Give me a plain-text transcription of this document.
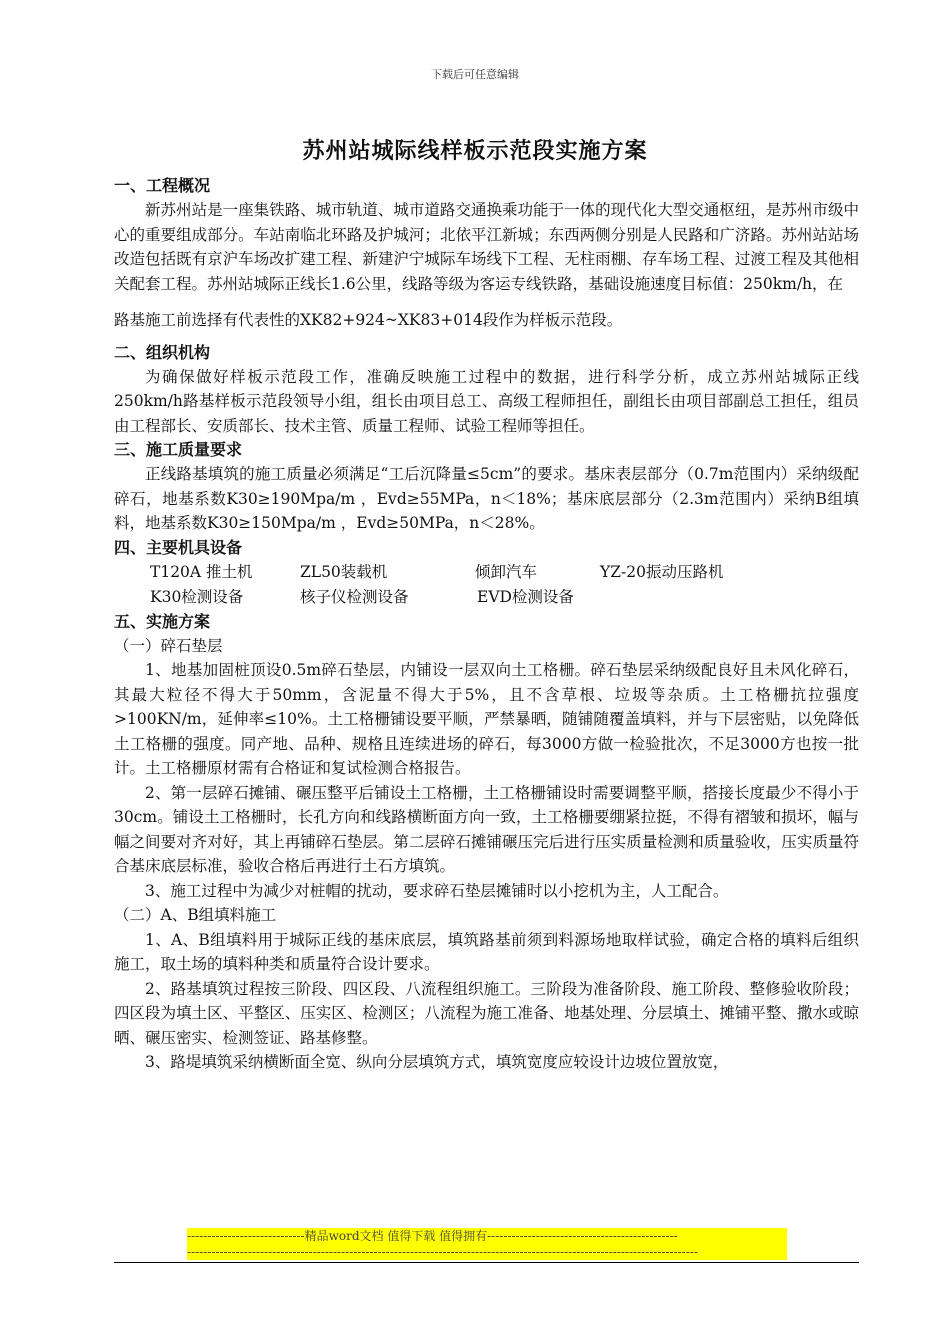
下载后可任意编辑
苏州站城际线样板示范段实施方案
一、工程概况

新苏州站是一座集铁路、城市轨道、城市道路交通换乘功能于一体的现代化大型交通枢纽，是苏州市级中心的重要组成部分。车站南临北环路及护城河；北依平江新城；东西两侧分别是人民路和广济路。苏州站站场改造包括既有京沪车场改扩建工程、新建沪宁城际车场线下工程、无柱雨棚、存车场工程、过渡工程及其他相关配套工程。苏州站城际正线长1.6公里，线路等级为客运专线铁路，基础设施速度目标值：250km/h，在

路基施工前选择有代表性的XK82+924~XK83+014段作为样板示范段。

二、组织机构

为确保做好样板示范段工作，准确反映施工过程中的数据，进行科学分析，成立苏州站城际正线250km/h路基样板示范段领导小组，组长由项目总工、高级工程师担任，副组长由项目部副总工担任，组员由工程部长、安质部长、技术主管、质量工程师、试验工程师等担任。

三、施工质量要求

正线路基填筑的施工质量必须满足“工后沉降量≤5cm”的要求。基床表层部分（0.7m范围内）采纳级配碎石，地基系数K30≥190Mpa/m ，Evd≥55MPa，n＜18%；基床底层部分（2.3m范围内）采纳B组填料，地基系数K30≥150Mpa/m ，Evd≥50MPa，n＜28%。

四、主要机具设备
T120A 推土机	ZL50装载机	倾卸汽车	YZ-20振动压路机
K30检测设备	核子仪检测设备	EVD检测设备
五、实施方案
（一）碎石垫层

1、地基加固桩顶设0.5m碎石垫层，内铺设一层双向土工格栅。碎石垫层采纳级配良好且未风化碎石，其最大粒径不得大于50mm，含泥量不得大于5%，且不含草根、垃圾等杂质。土工格栅抗拉强度>100KN/m，延伸率≤10%。土工格栅铺设要平顺，严禁暴晒，随铺随覆盖填料，并与下层密贴，以免降低土工格栅的强度。同产地、品种、规格且连续进场的碎石，每3000方做一检验批次，不足3000方也按一批计。土工格栅原材需有合格证和复试检测合格报告。

2、第一层碎石摊铺、碾压整平后铺设土工格栅，土工格栅铺设时需要调整平顺，搭接长度最少不得小于30cm。铺设土工格栅时，长孔方向和线路横断面方向一致，土工格栅要绷紧拉挺，不得有褶皱和损坏，幅与幅之间要对齐对好，其上再铺碎石垫层。第二层碎石摊铺碾压完后进行压实质量检测和质量验收，压实质量符合基床底层标准，验收合格后再进行土石方填筑。

3、施工过程中为减少对桩帽的扰动，要求碎石垫层摊铺时以小挖机为主，人工配合。

（二）A、B组填料施工

1、A、B组填料用于城际正线的基床底层，填筑路基前须到料源场地取样试验，确定合格的填料后组织施工，取土场的填料种类和质量符合设计要求。

2、路基填筑过程按三阶段、四区段、八流程组织施工。三阶段为准备阶段、施工阶段、整修验收阶段；四区段为填土区、平整区、压实区、检测区；八流程为施工准备、地基处理、分层填土、摊铺平整、撒水或晾晒、碾压密实、检测签证、路基修整。

3、路堤填筑采纳横断面全宽、纵向分层填筑方式，填筑宽度应较设计边坡位置放宽，

-----------------------------精品word文档 值得下载 值得拥有-----------------------------------------------
------------------------------------------------------------------------------------------------------------------------------
